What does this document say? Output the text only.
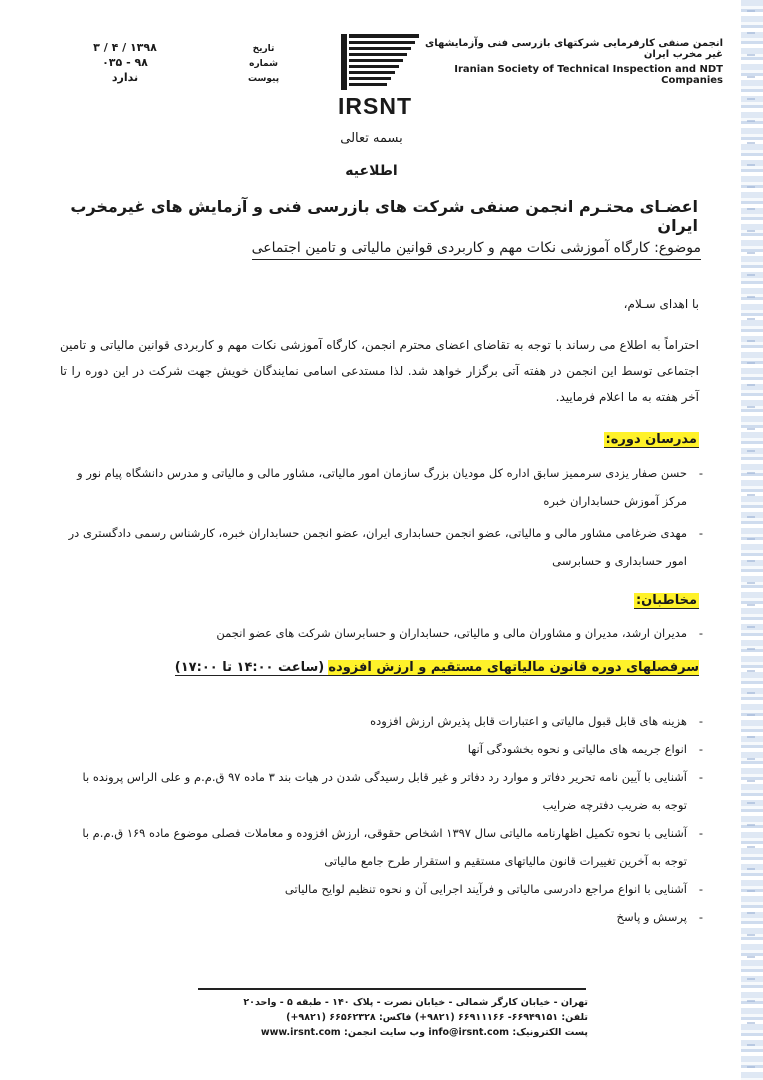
انجمن صنفی کارفرمایی شرکتهای بازرسی فنی وآزمایشهای غیر مخرب ایران
Iranian Society of Technical Inspection and NDT Companies
IRSNT
تاریخ
شماره
پیوست
۱۳۹۸ / ۴ / ۳
۹۸ - ۰۳۵
ندارد
بسمه تعالی
اطلاعیه
اعضـای محتـرم انجمن صنفی شرکت های بازرسی فنی و آزمایش های غیرمخرب ایران
موضوع: کارگاه آموزشی نکات مهم و کاربردی قوانین مالیاتی و تامین اجتماعی
با اهدای سـلام،
احتراماً به اطلاع می رساند با توجه به تقاضای اعضای محترم انجمن، کارگاه آموزشی نکات مهم و کاربردی قوانین مالیاتی و تامین اجتماعی توسط این انجمن در هفته آتی برگزار خواهد شد. لذا مستدعی اسامی نمایندگان خویش جهت شرکت در این دوره را تا آخر هفته به ما اعلام فرمایید.
مدرسان دوره:
- حسن صفار یزدی سرممیز سابق اداره کل مودیان بزرگ سازمان امور مالیاتی، مشاور مالی و مالیاتی و مدرس دانشگاه پیام نور و مرکز آموزش حسابداران خبره
- مهدی ضرغامی مشاور مالی و مالیاتی، عضو انجمن حسابداری ایران، عضو انجمن حسابداران خبره، کارشناس رسمی دادگستری در امور حسابداری و حسابرسی
مخاطبان:
- مدیران ارشد، مدیران و مشاوران مالی و مالیاتی، حسابداران و حسابرسان شرکت های عضو انجمن
سرفصلهای دوره قانون مالیاتهای مستقیم و ارزش افزوده (ساعت ۱۴:۰۰ تا ۱۷:۰۰)
- هزینه های قابل قبول مالیاتی و اعتبارات قابل پذیرش ارزش افزوده
- انواع جریمه های مالیاتی و نحوه بخشودگی آنها
- آشنایی با آیین نامه تحریر دفاتر و موارد رد دفاتر و غیر قابل رسیدگی شدن در هیات بند ۳ ماده ۹۷ ق.م.م و علی الراس پرونده با توجه به ضریب دفترچه ضرایب
- آشنایی با نحوه تکمیل اظهارنامه مالیاتی سال ۱۳۹۷ اشخاص حقوقی، ارزش افزوده و معاملات فصلی موضوع ماده ۱۶۹ ق.م.م با توجه به آخرین تغییرات قانون مالیاتهای مستقیم و استقرار طرح جامع مالیاتی
- آشنایی با انواع مراجع دادرسی مالیاتی و فرآیند اجرایی آن و نحوه تنظیم لوایح مالیاتی
- پرسش و پاسخ
تهران - خیابان کارگر شمالی - خیابان نصرت - پلاک ۱۴۰ - طبقه ۵ - واحد۲۰
تلفن: ۶۶۹۴۹۱۵۱- ۶۶۹۱۱۱۶۶ (۹۸۲۱+) فاکس: ۶۶۵۶۲۳۲۸ (۹۸۲۱+)
پست الکترونیک: info@irsnt.com وب سایت انجمن: www.irsnt.com
